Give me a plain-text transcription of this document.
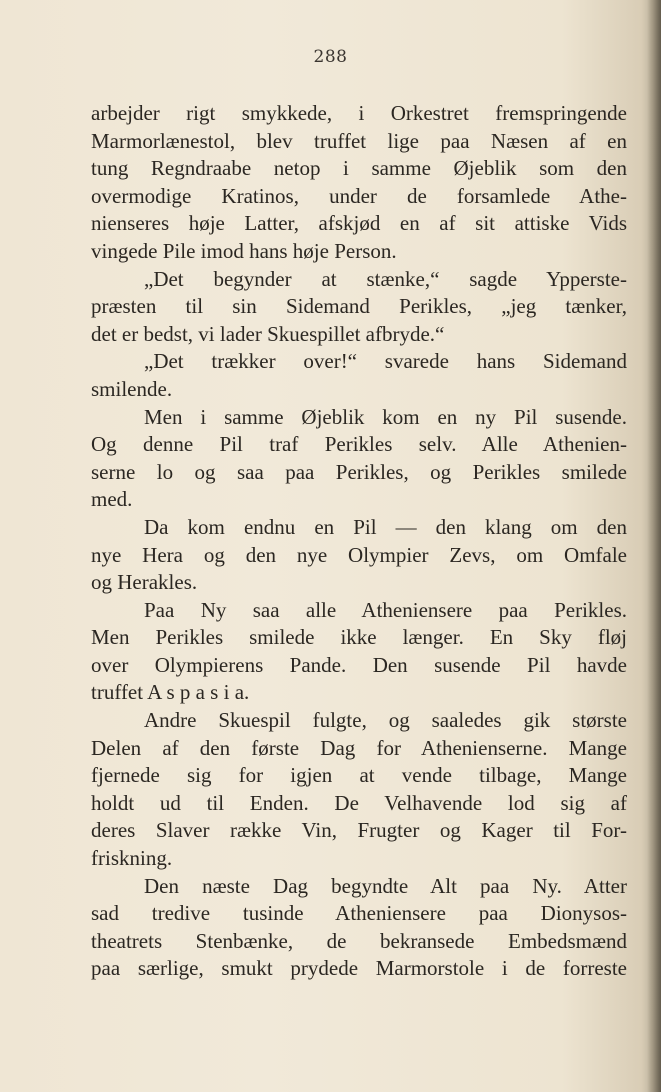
288
arbejder rigt smykkede, i Orkestret fremspringende
Marmorlænestol, blev truffet lige paa Næsen af en
tung Regndraabe netop i samme Øjeblik som den
overmodige Kratinos, under de forsamlede Athe-
nienseres høje Latter, afskjød en af sit attiske Vids
vingede Pile imod hans høje Person.
„Det begynder at stænke,“ sagde Ypperste-
præsten til sin Sidemand Perikles, „jeg tænker,
det er bedst, vi lader Skuespillet afbryde.“
„Det trækker over!“ svarede hans Sidemand
smilende.
Men i samme Øjeblik kom en ny Pil susende.
Og denne Pil traf Perikles selv. Alle Athenien-
serne lo og saa paa Perikles, og Perikles smilede
med.
Da kom endnu en Pil — den klang om den
nye Hera og den nye Olympier Zevs, om Omfale
og Herakles.
Paa Ny saa alle Atheniensere paa Perikles.
Men Perikles smilede ikke længer. En Sky fløj
over Olympierens Pande. Den susende Pil havde
truffet A s p a s i a.
Andre Skuespil fulgte, og saaledes gik største
Delen af den første Dag for Athenienserne. Mange
fjernede sig for igjen at vende tilbage, Mange
holdt ud til Enden. De Velhavende lod sig af
deres Slaver række Vin, Frugter og Kager til For-
friskning.
Den næste Dag begyndte Alt paa Ny. Atter
sad tredive tusinde Atheniensere paa Dionysos-
theatrets Stenbænke, de bekransede Embedsmænd
paa særlige, smukt prydede Marmorstole i de forreste
